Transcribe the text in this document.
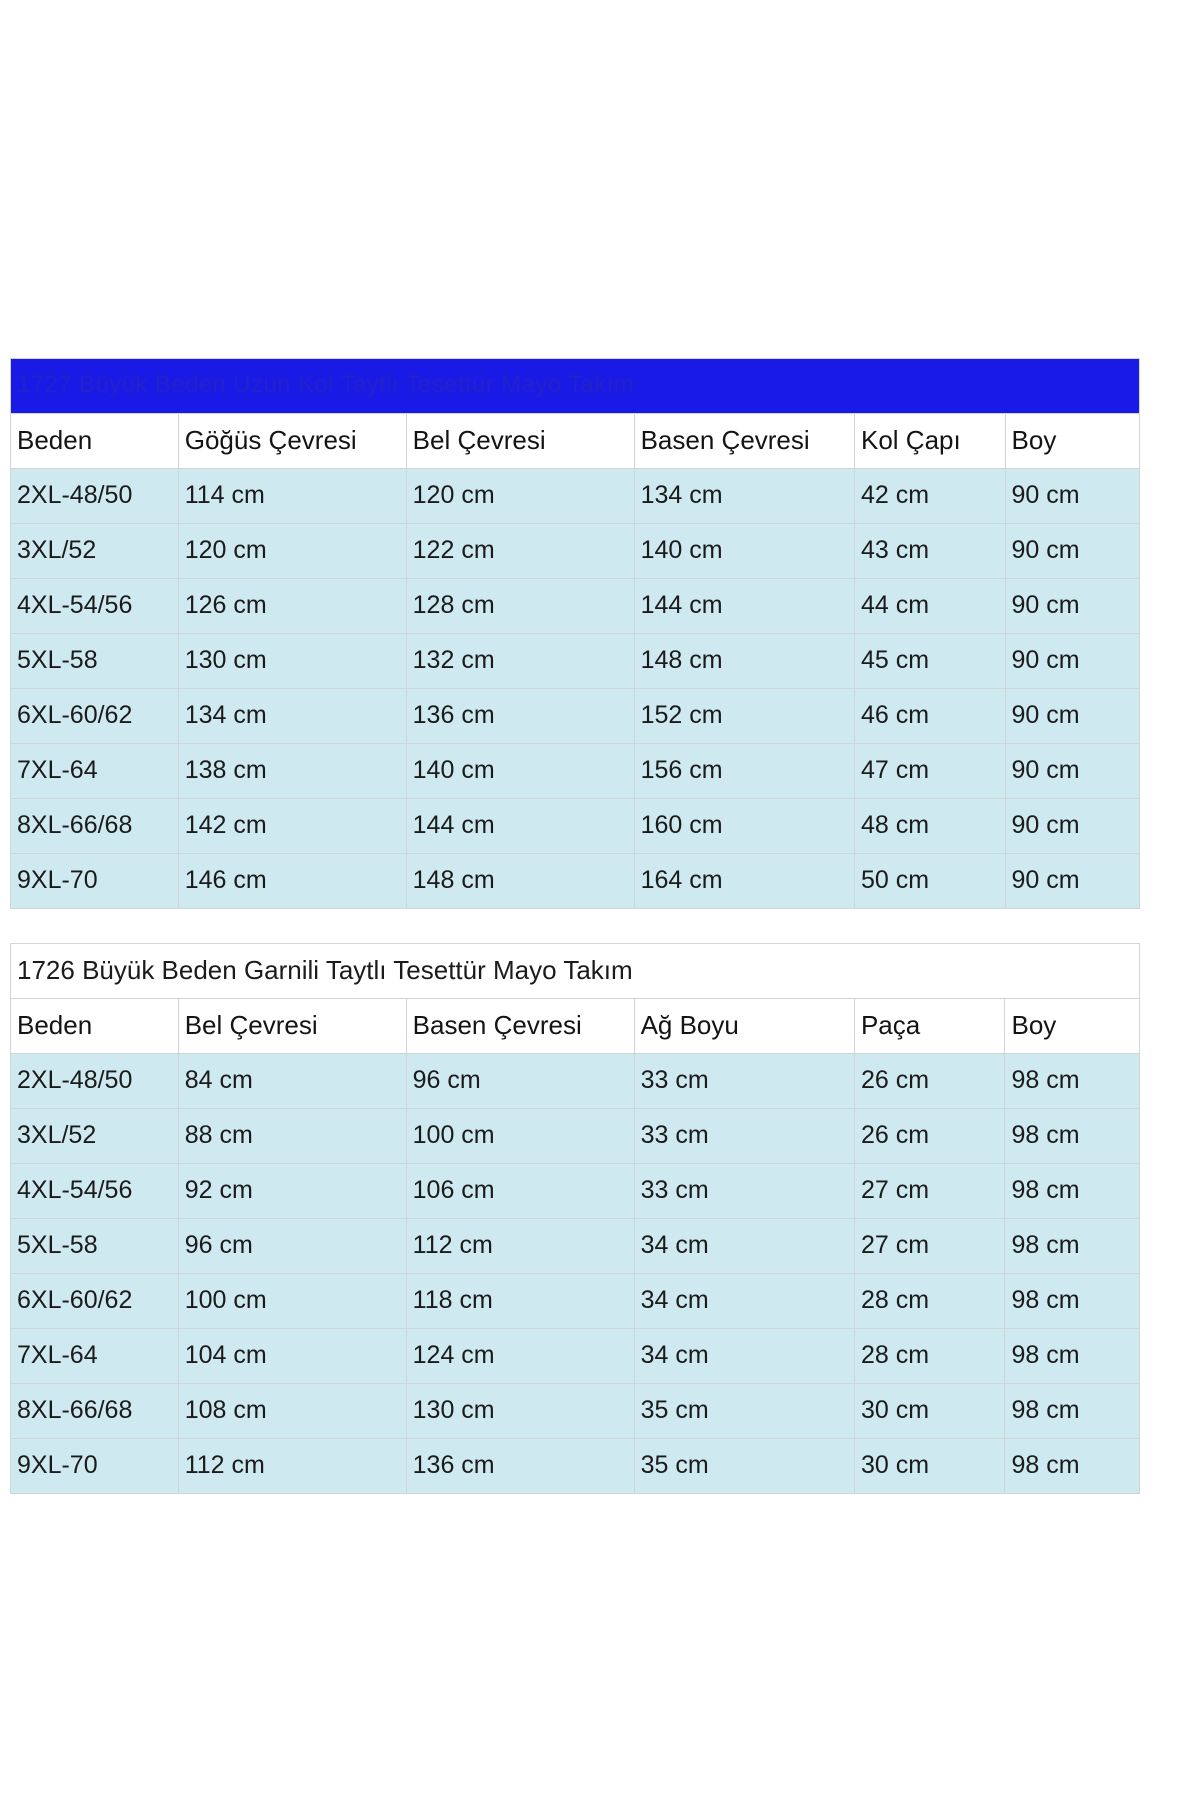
1727 Büyük Beden Uzun Kol Taytlı Tesettür Mayo Takım					
Beden	Göğüs Çevresi	Bel Çevresi	Basen Çevresi	Kol Çapı	Boy
2XL-48/50	114 cm	120 cm	134 cm	42 cm	90 cm
3XL/52	120 cm	122 cm	140 cm	43 cm	90 cm
4XL-54/56	126 cm	128 cm	144 cm	44 cm	90 cm
5XL-58	130 cm	132 cm	148 cm	45 cm	90 cm
6XL-60/62	134 cm	136 cm	152 cm	46 cm	90 cm
7XL-64	138 cm	140 cm	156 cm	47 cm	90 cm
8XL-66/68	142 cm	144 cm	160 cm	48 cm	90 cm
9XL-70	146 cm	148 cm	164 cm	50 cm	90 cm
1726 Büyük Beden Garnili Taytlı Tesettür Mayo Takım					
Beden	Bel Çevresi	Basen Çevresi	Ağ Boyu	Paça	Boy
2XL-48/50	84 cm	96 cm	33 cm	26 cm	98 cm
3XL/52	88 cm	100 cm	33 cm	26 cm	98 cm
4XL-54/56	92 cm	106 cm	33 cm	27 cm	98 cm
5XL-58	96 cm	112 cm	34 cm	27 cm	98 cm
6XL-60/62	100 cm	118 cm	34 cm	28 cm	98 cm
7XL-64	104 cm	124 cm	34 cm	28 cm	98 cm
8XL-66/68	108 cm	130 cm	35 cm	30 cm	98 cm
9XL-70	112 cm	136 cm	35 cm	30 cm	98 cm
